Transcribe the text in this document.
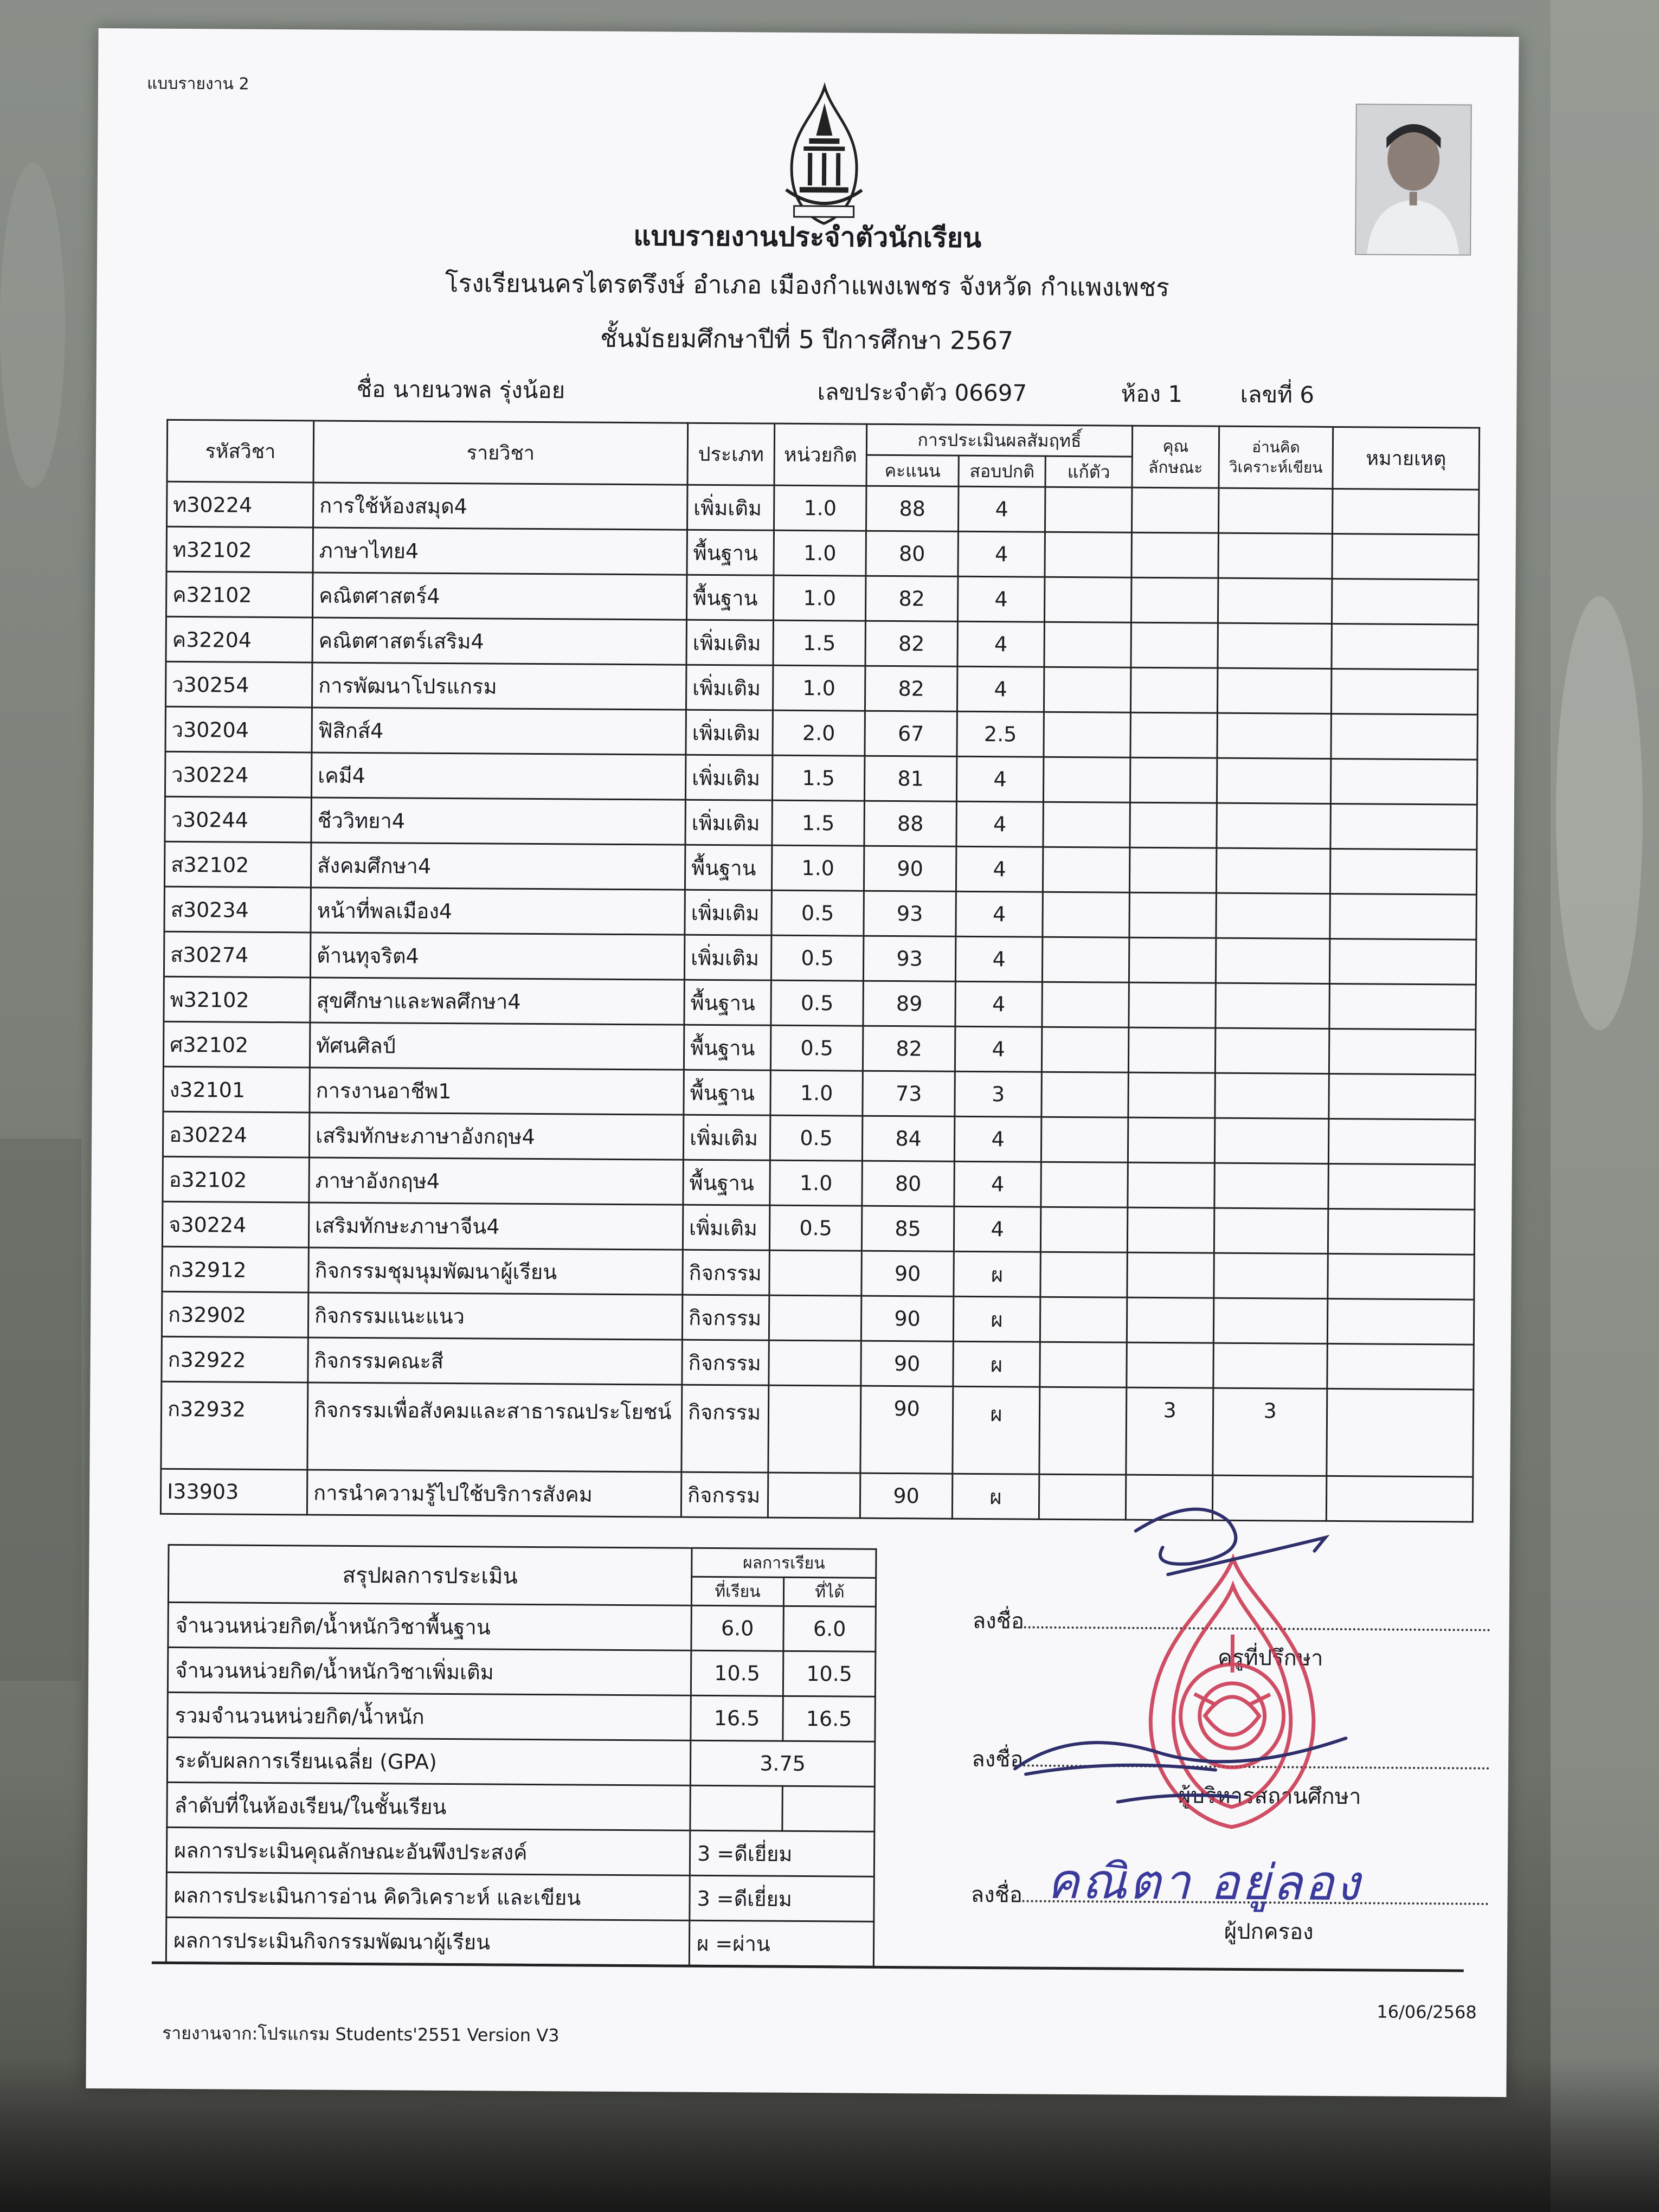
แบบรายงาน 2
แบบรายงานประจำตัวนักเรียน
โรงเรียนนครไตรตรึงษ์ อำเภอ เมืองกำแพงเพชร จังหวัด กำแพงเพชร
ชั้นมัธยมศึกษาปีที่ 5 ปีการศึกษา 2567
ชื่อ นายนวพล รุ่งน้อย	เลขประจำตัว 06697	ห้อง 1	เลขที่ 6
รหัสวิชา	รายวิชา	ประเภท	หน่วยกิต	การประเมินผลสัมฤทธิ์			คุณ ลักษณะ	อ่านคิด วิเคราะห์เขียน	หมายเหตุ
				คะแนน	สอบปกติ	แก้ตัว			
ท30224	การใช้ห้องสมุด4	เพิ่มเติม	1.0	88	4				
ท32102	ภาษาไทย4	พื้นฐาน	1.0	80	4				
ค32102	คณิตศาสตร์4	พื้นฐาน	1.0	82	4				
ค32204	คณิตศาสตร์เสริม4	เพิ่มเติม	1.5	82	4				
ว30254	การพัฒนาโปรแกรม	เพิ่มเติม	1.0	82	4				
ว30204	ฟิสิกส์4	เพิ่มเติม	2.0	67	2.5				
ว30224	เคมี4	เพิ่มเติม	1.5	81	4				
ว30244	ชีววิทยา4	เพิ่มเติม	1.5	88	4				
ส32102	สังคมศึกษา4	พื้นฐาน	1.0	90	4				
ส30234	หน้าที่พลเมือง4	เพิ่มเติม	0.5	93	4				
ส30274	ต้านทุจริต4	เพิ่มเติม	0.5	93	4				
พ32102	สุขศึกษาและพลศึกษา4	พื้นฐาน	0.5	89	4				
ศ32102	ทัศนศิลป์	พื้นฐาน	0.5	82	4				
ง32101	การงานอาชีพ1	พื้นฐาน	1.0	73	3				
อ30224	เสริมทักษะภาษาอังกฤษ4	เพิ่มเติม	0.5	84	4				
อ32102	ภาษาอังกฤษ4	พื้นฐาน	1.0	80	4				
จ30224	เสริมทักษะภาษาจีน4	เพิ่มเติม	0.5	85	4				
ก32912	กิจกรรมชุมนุมพัฒนาผู้เรียน	กิจกรรม		90	ผ				
ก32902	กิจกรรมแนะแนว	กิจกรรม		90	ผ				
ก32922	กิจกรรมคณะสี	กิจกรรม		90	ผ				
ก32932	กิจกรรมเพื่อสังคมและสาธารณประโยชน์	กิจกรรม		90	ผ		3	3	
I33903	การนำความรู้ไปใช้บริการสังคม	กิจกรรม		90	ผ				
สรุปผลการประเมิน	ผลการเรียน	
	ที่เรียน	ที่ได้
จำนวนหน่วยกิต/น้ำหนักวิชาพื้นฐาน	6.0	6.0
จำนวนหน่วยกิต/น้ำหนักวิชาเพิ่มเติม	10.5	10.5
รวมจำนวนหน่วยกิต/น้ำหนัก	16.5	16.5
ระดับผลการเรียนเฉลี่ย (GPA)	3.75	
ลำดับที่ในห้องเรียน/ในชั้นเรียน		
ผลการประเมินคุณลักษณะอันพึงประสงค์	3 =ดีเยี่ยม	
ผลการประเมินการอ่าน คิดวิเคราะห์ และเขียน	3 =ดีเยี่ยม	
ผลการประเมินกิจกรรมพัฒนาผู้เรียน	ผ =ผ่าน	
ลงชื่อ
ครูที่ปรึกษา
ลงชื่อ
ผู้บริหารสถานศึกษา
ลงชื่อ
ผู้ปกครอง
คณิตา อยู่ลอง
รายงานจาก:โปรแกรม Students'2551 Version V3
16/06/2568
